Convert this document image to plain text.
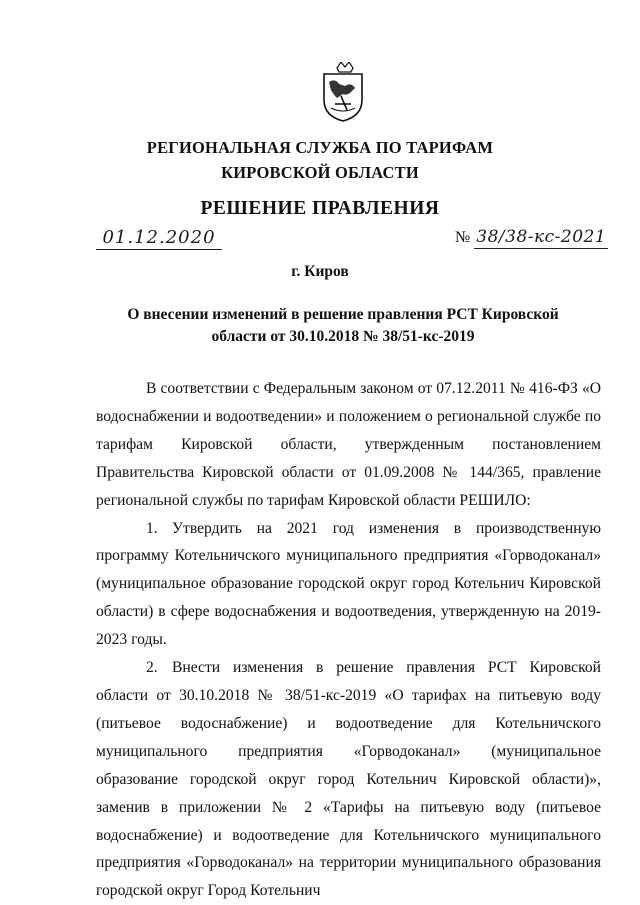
РЕГИОНАЛЬНАЯ СЛУЖБА ПО ТАРИФАМ
КИРОВСКОЙ ОБЛАСТИ
РЕШЕНИЕ ПРАВЛЕНИЯ
01.12.2020	№ 38/38-кс-2021
г. Киров
О внесении изменений в решение правления РСТ Кировской
области от 30.10.2018 № 38/51-кс-2019

В соответствии с Федеральным законом от 07.12.2011 № 416-ФЗ «О водоснабжении и водоотведении» и положением о региональной службе по тарифам Кировской области, утвержденным постановлением Правительства Кировской области от 01.09.2008 № 144/365, правление региональной службы по тарифам Кировской области РЕШИЛО:

1. Утвердить на 2021 год изменения в производственную программу Котельничского муниципального предприятия «Горводоканал» (муниципальное образование городской округ город Котельнич Кировской области) в сфере водоснабжения и водоотведения, утвержденную на 2019-2023 годы.

2. Внести изменения в решение правления РСТ Кировской области от 30.10.2018 № 38/51-кс-2019 «О тарифах на питьевую воду (питьевое водоснабжение) и водоотведение для Котельничского муниципального предприятия «Горводоканал» (муниципальное образование городской округ город Котельнич Кировской области)», заменив в приложении № 2 «Тарифы на питьевую воду (питьевое водоснабжение) и водоотведение для Котельничского муниципального предприятия «Горводоканал» на территории муниципального образования городской округ Город Котельнич
